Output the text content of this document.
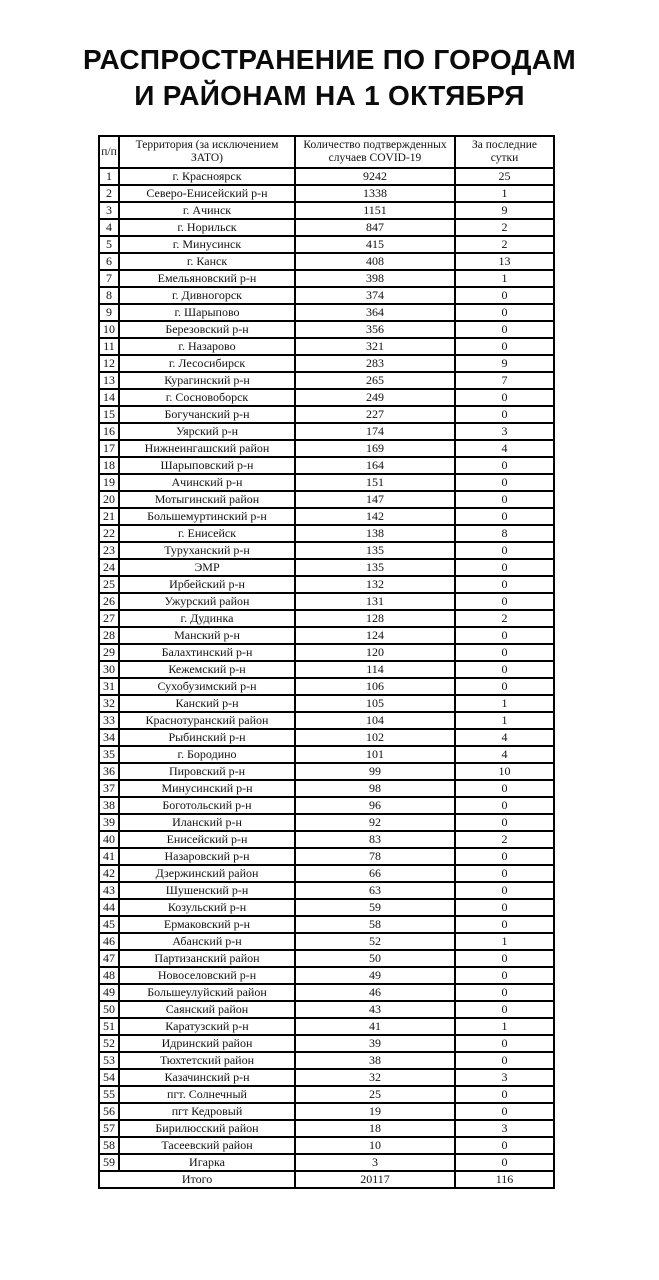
РАСПРОСТРАНЕНИЕ ПО ГОРОДАМ
И РАЙОНАМ НА 1 ОКТЯБРЯ
п/п	Территория (за исключением ЗАТО)	Количество подтвержденных случаев COVID-19	За последние сутки
1	г. Красноярск	9242	25
2	Северо-Енисейский р-н	1338	1
3	г. Ачинск	1151	9
4	г. Норильск	847	2
5	г. Минусинск	415	2
6	г. Канск	408	13
7	Емельяновский р-н	398	1
8	г. Дивногорск	374	0
9	г. Шарыпово	364	0
10	Березовский р-н	356	0
11	г. Назарово	321	0
12	г. Лесосибирск	283	9
13	Курагинский р-н	265	7
14	г. Сосновоборск	249	0
15	Богучанский р-н	227	0
16	Уярский р-н	174	3
17	Нижнеингашский район	169	4
18	Шарыповский р-н	164	0
19	Ачинский р-н	151	0
20	Мотыгинский район	147	0
21	Большемуртинский р-н	142	0
22	г. Енисейск	138	8
23	Туруханский р-н	135	0
24	ЭМР	135	0
25	Ирбейский р-н	132	0
26	Ужурский район	131	0
27	г. Дудинка	128	2
28	Манский р-н	124	0
29	Балахтинский р-н	120	0
30	Кежемский р-н	114	0
31	Сухобузимский р-н	106	0
32	Канский р-н	105	1
33	Краснотуранский район	104	1
34	Рыбинский р-н	102	4
35	г. Бородино	101	4
36	Пировский р-н	99	10
37	Минусинский р-н	98	0
38	Боготольский р-н	96	0
39	Иланский р-н	92	0
40	Енисейский р-н	83	2
41	Назаровский р-н	78	0
42	Дзержинский район	66	0
43	Шушенский р-н	63	0
44	Козульский р-н	59	0
45	Ермаковский р-н	58	0
46	Абанский р-н	52	1
47	Партизанский район	50	0
48	Новоселовский р-н	49	0
49	Большеулуйский район	46	0
50	Саянский район	43	0
51	Каратузский р-н	41	1
52	Идринский район	39	0
53	Тюхтетский район	38	0
54	Казачинский р-н	32	3
55	пгт. Солнечный	25	0
56	пгт Кедровый	19	0
57	Бирилюсский район	18	3
58	Тасеевский район	10	0
59	Игарка	3	0
Итого		20117	116
